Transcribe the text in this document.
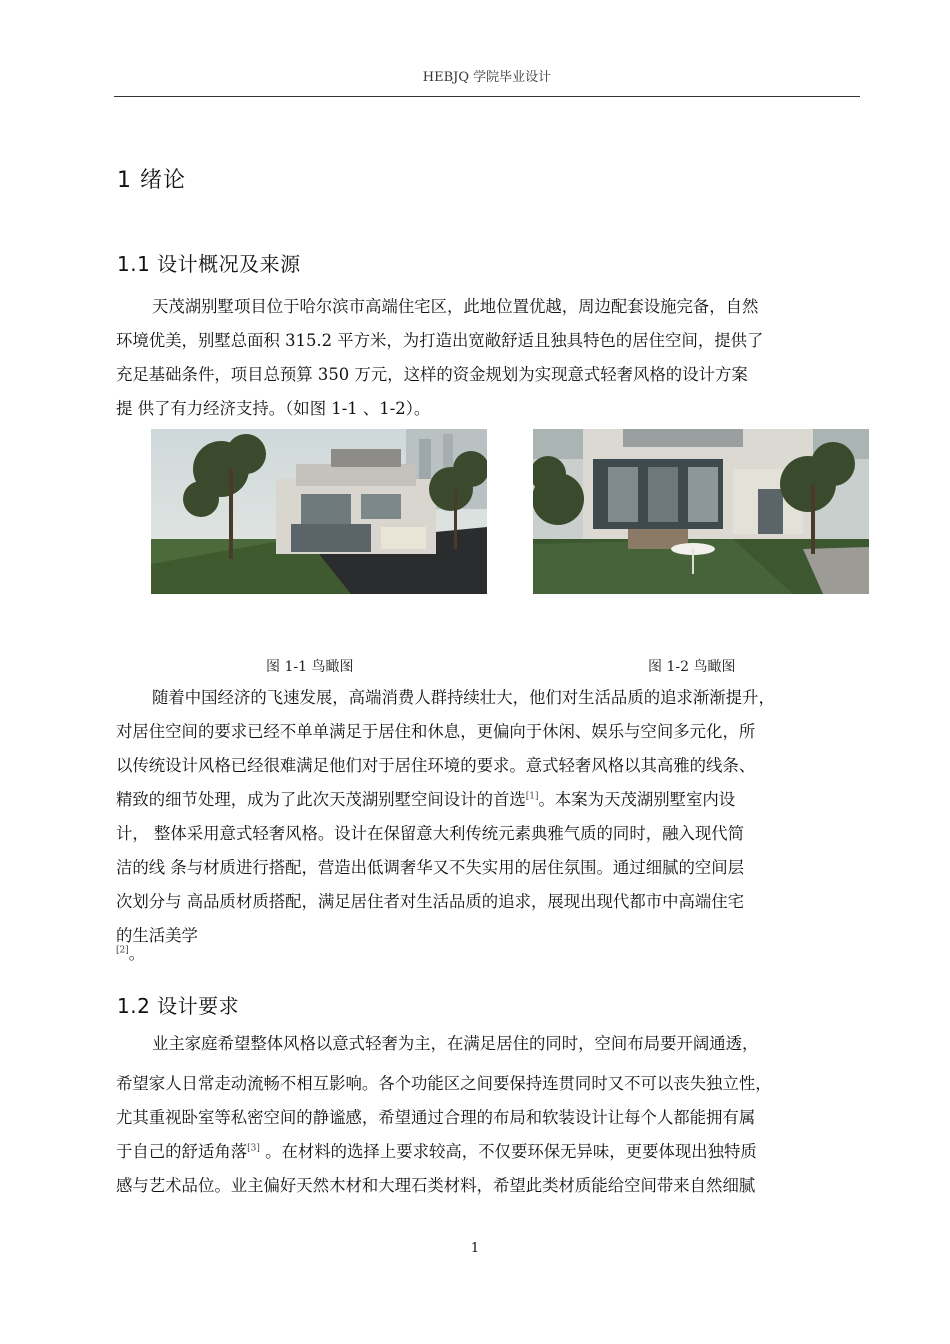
HEBJQ 学院毕业设计
1 绪论
1.1 设计概况及来源
天茂湖别墅项目位于哈尔滨市高端住宅区，此地位置优越，周边配套设施完备，自然
环境优美，别墅总面积 315.2 平方米，为打造出宽敞舒适且独具特色的居住空间，提供了
充足基础条件，项目总预算 350 万元，这样的资金规划为实现意式轻奢风格的设计方案
提 供了有力经济支持。（如图 1-1 、1-2）。
图 1-1 鸟瞰图	图 1-2 鸟瞰图
随着中国经济的飞速发展，高端消费人群持续壮大，他们对生活品质的追求渐渐提升，
对居住空间的要求已经不单单满足于居住和休息，更偏向于休闲、娱乐与空间多元化，所
以传统设计风格已经很难满足他们对于居住环境的要求。意式轻奢风格以其高雅的线条、
精致的细节处理，成为了此次天茂湖别墅空间设计的首选[1]。本案为天茂湖别墅室内设
计， 整体采用意式轻奢风格。设计在保留意大利传统元素典雅气质的同时，融入现代简
洁的线 条与材质进行搭配，营造出低调奢华又不失实用的居住氛围。通过细腻的空间层
次划分与 高品质材质搭配，满足居住者对生活品质的追求，展现出现代都市中高端住宅
的生活美学
[2]。
1.2 设计要求
业主家庭希望整体风格以意式轻奢为主，在满足居住的同时，空间布局要开阔通透，
希望家人日常走动流畅不相互影响。各个功能区之间要保持连贯同时又不可以丧失独立性，
尤其重视卧室等私密空间的静谧感，希望通过合理的布局和软装设计让每个人都能拥有属
于自己的舒适角落[3] 。在材料的选择上要求较高，不仅要环保无异味，更要体现出独特质
感与艺术品位。业主偏好天然木材和大理石类材料，希望此类材质能给空间带来自然细腻
1
